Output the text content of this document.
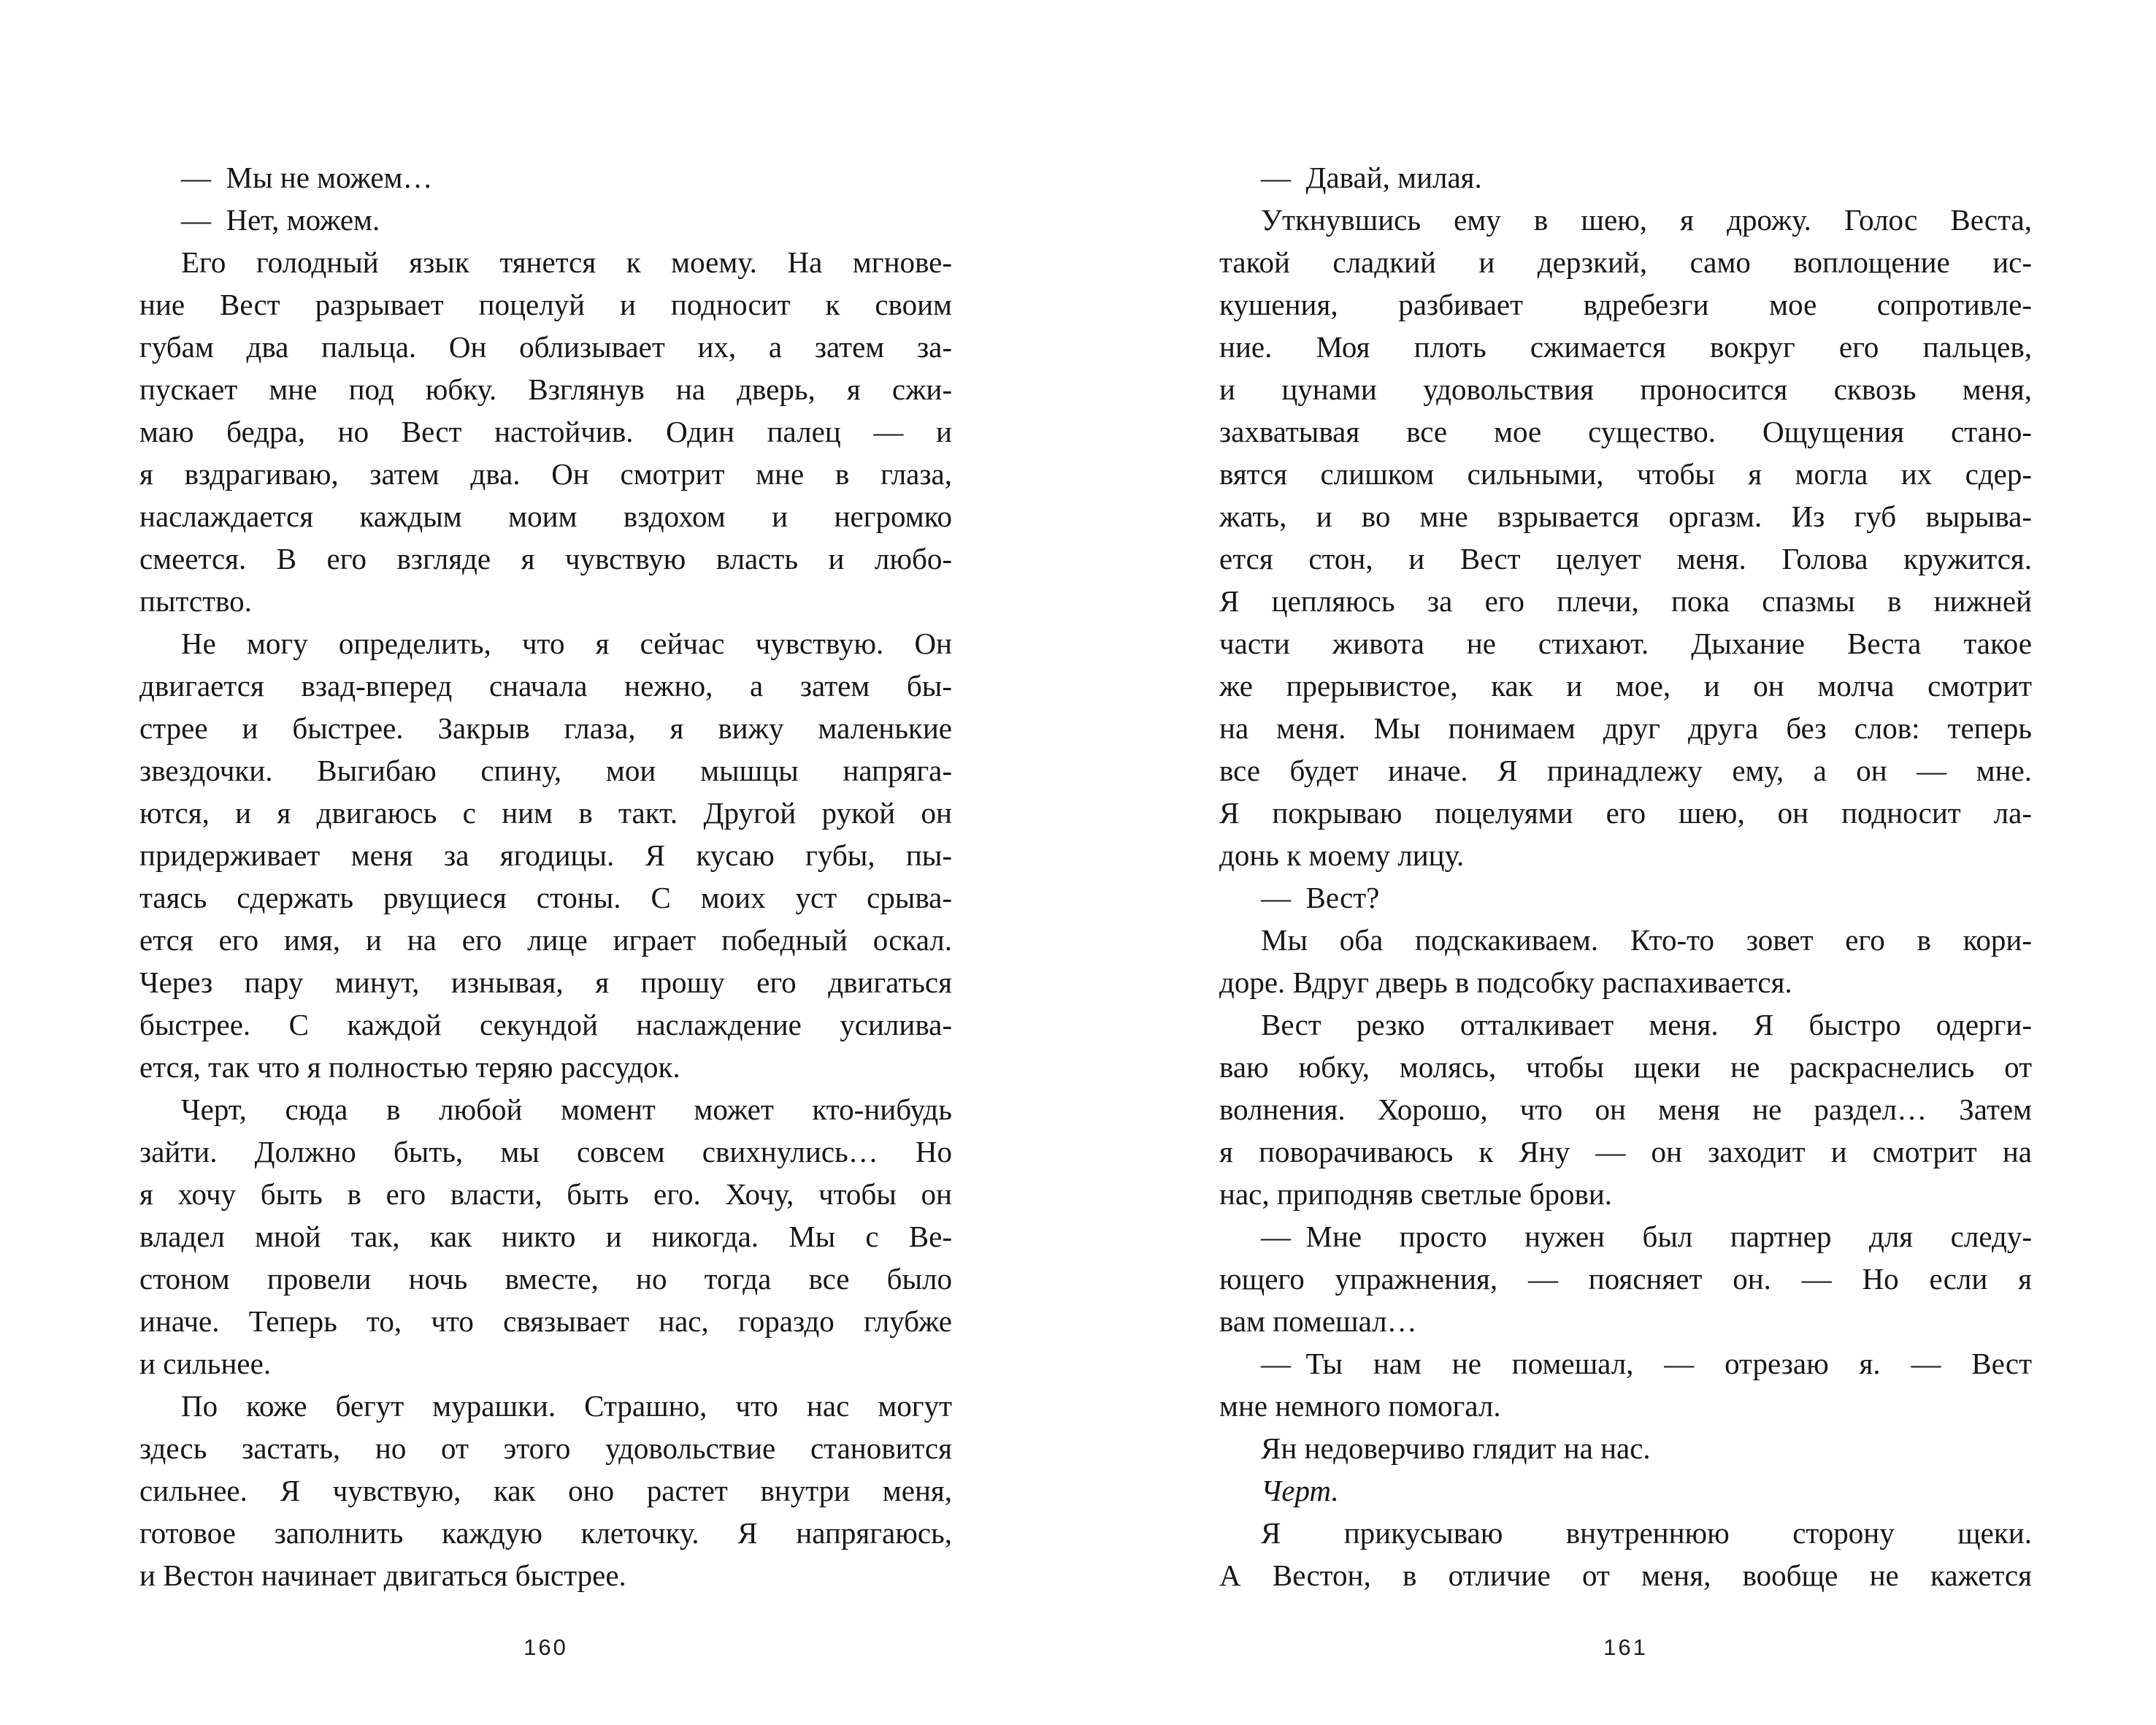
— Мы не можем…
— Нет, можем.
Его голодный язык тянется к моему. На мгнове-
ние Вест разрывает поцелуй и подносит к своим
губам два пальца. Он облизывает их, а затем за-
пускает мне под юбку. Взглянув на дверь, я сжи-
маю бедра, но Вест настойчив. Один палец — и
я вздрагиваю, затем два. Он смотрит мне в глаза,
наслаждается каждым моим вздохом и негромко
смеется. В его взгляде я чувствую власть и любо-
пытство.
Не могу определить, что я сейчас чувствую. Он
двигается взад-вперед сначала нежно, а затем бы-
стрее и быстрее. Закрыв глаза, я вижу маленькие
звездочки. Выгибаю спину, мои мышцы напряга-
ются, и я двигаюсь с ним в такт. Другой рукой он
придерживает меня за ягодицы. Я кусаю губы, пы-
таясь сдержать рвущиеся стоны. С моих уст срыва-
ется его имя, и на его лице играет победный оскал.
Через пару минут, изнывая, я прошу его двигаться
быстрее. С каждой секундой наслаждение усилива-
ется, так что я полностью теряю рассудок.
Черт, сюда в любой момент может кто-нибудь
зайти. Должно быть, мы совсем свихнулись… Но
я хочу быть в его власти, быть его. Хочу, чтобы он
владел мной так, как никто и никогда. Мы с Ве-
стоном провели ночь вместе, но тогда все было
иначе. Теперь то, что связывает нас, гораздо глубже
и сильнее.
По коже бегут мурашки. Страшно, что нас могут
здесь застать, но от этого удовольствие становится
сильнее. Я чувствую, как оно растет внутри меня,
готовое заполнить каждую клеточку. Я напрягаюсь,
и Вестон начинает двигаться быстрее.
160
— Давай, милая.
Уткнувшись ему в шею, я дрожу. Голос Веста,
такой сладкий и дерзкий, само воплощение ис-
кушения, разбивает вдребезги мое сопротивле-
ние. Моя плоть сжимается вокруг его пальцев,
и цунами удовольствия проносится сквозь меня,
захватывая все мое существо. Ощущения стано-
вятся слишком сильными, чтобы я могла их сдер-
жать, и во мне взрывается оргазм. Из губ вырыва-
ется стон, и Вест целует меня. Голова кружится.
Я цепляюсь за его плечи, пока спазмы в нижней
части живота не стихают. Дыхание Веста такое
же прерывистое, как и мое, и он молча смотрит
на меня. Мы понимаем друг друга без слов: теперь
все будет иначе. Я принадлежу ему, а он — мне.
Я покрываю поцелуями его шею, он подносит ла-
донь к моему лицу.
— Вест?
Мы оба подскакиваем. Кто-то зовет его в кори-
доре. Вдруг дверь в подсобку распахивается.
Вест резко отталкивает меня. Я быстро одерги-
ваю юбку, молясь, чтобы щеки не раскраснелись от
волнения. Хорошо, что он меня не раздел… Затем
я поворачиваюсь к Яну — он заходит и смотрит на
нас, приподняв светлые брови.
— Мне просто нужен был партнер для следу-
ющего упражнения, — поясняет он. — Но если я
вам помешал…
— Ты нам не помешал, — отрезаю я. — Вест
мне немного помогал.
Ян недоверчиво глядит на нас.
Черт.
Я прикусываю внутреннюю сторону щеки.
А Вестон, в отличие от меня, вообще не кажется
161
